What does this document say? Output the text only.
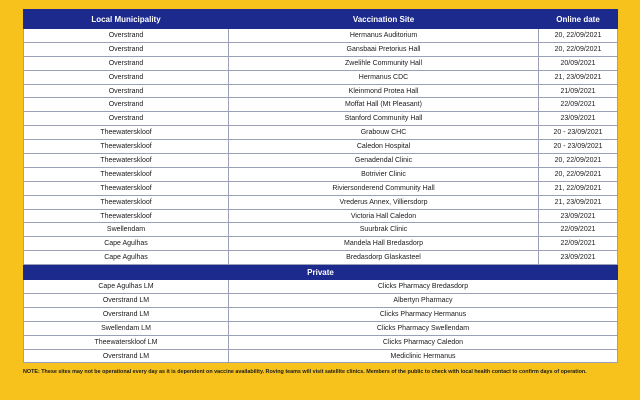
Local Municipality	Vaccination Site	Online date
Overstrand	Hermanus Auditorium	20, 22/09/2021
Overstrand	Gansbaai Pretorius Hall	20, 22/09/2021
Overstrand	Zwelihle Community Hall	20/09/2021
Overstrand	Hermanus CDC	21, 23/09/2021
Overstrand	Kleinmond Protea Hall	21/09/2021
Overstrand	Moffat Hall (Mt Pleasant)	22/09/2021
Overstrand	Stanford Community Hall	23/09/2021
Theewaterskloof	Grabouw CHC	20 - 23/09/2021
Theewaterskloof	Caledon Hospital	20 - 23/09/2021
Theewaterskloof	Genadendal Clinic	20, 22/09/2021
Theewaterskloof	Botrivier Clinic	20, 22/09/2021
Theewaterskloof	Riviersonderend Community Hall	21, 22/09/2021
Theewaterskloof	Vrederus Annex, Villiersdorp	21, 23/09/2021
Theewaterskloof	Victoria Hall Caledon	23/09/2021
Swellendam	Suurbrak Clinic	22/09/2021
Cape Agulhas	Mandela Hall Bredasdorp	22/09/2021
Cape Agulhas	Bredasdorp Glaskasteel	23/09/2021
Private		
Cape Agulhas LM	Clicks Pharmacy Bredasdorp	
Overstrand LM	Albertyn Pharmacy	
Overstrand LM	Clicks Pharmacy Hermanus	
Swellendam LM	Clicks Pharmacy Swellendam	
Theewaterskloof LM	Clicks Pharmacy Caledon	
Overstrand LM	Mediclinic Hermanus	
NOTE: These sites may not be operational every day as it is dependent on vaccine availability. Roving teams will visit satellite clinics. Members of the public to check with local health contact to confirm days of operation.
